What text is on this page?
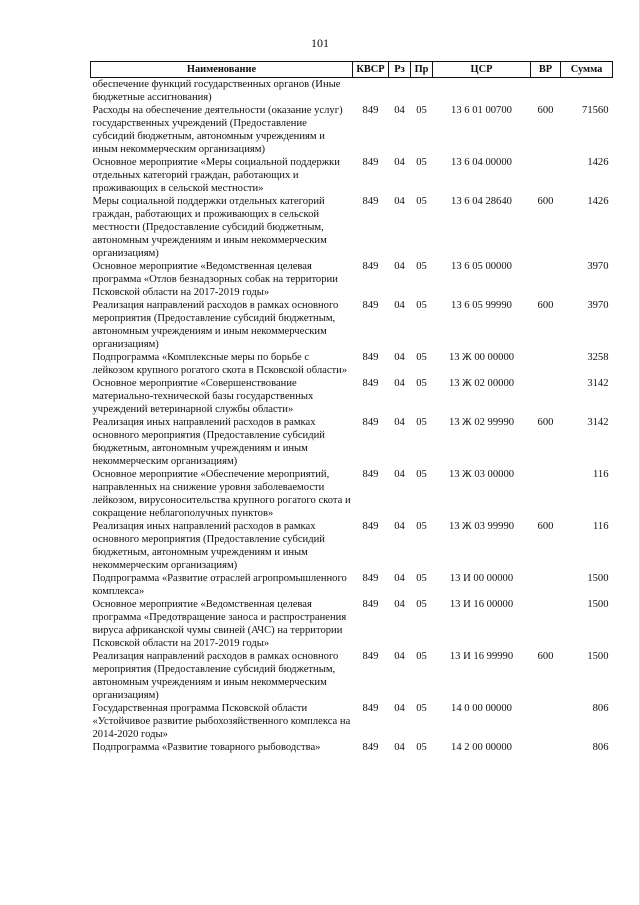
101
Наименование	КВСР	Рз	Пр	ЦСР	ВР	Сумма
обеспечение функций государственных органов (Иные бюджетные ассигнования)						
Расходы на обеспечение деятельности (оказание услуг) государственных учреждений (Предоставление субсидий бюджетным, автономным учреждениям и иным некоммерческим организациям)	849	04	05	13 6 01 00700	600	71560
Основное мероприятие «Меры социальной поддержки отдельных категорий граждан, работающих и проживающих в сельской местности»	849	04	05	13 6 04 00000		1426
Меры социальной поддержки отдельных категорий граждан, работающих и проживающих в сельской местности (Предоставление субсидий бюджетным, автономным учреждениям и иным некоммерческим организациям)	849	04	05	13 6 04 28640	600	1426
Основное мероприятие «Ведомственная целевая программа «Отлов безнадзорных собак на территории Псковской области на 2017-2019 годы»	849	04	05	13 6 05 00000		3970
Реализация направлений расходов в рамках основного мероприятия (Предоставление субсидий бюджетным, автономным учреждениям и иным некоммерческим организациям)	849	04	05	13 6 05 99990	600	3970
Подпрограмма «Комплексные меры по борьбе с лейкозом крупного рогатого скота в Псковской области»	849	04	05	13 Ж 00 00000		3258
Основное мероприятие «Совершенствование материально-технической базы государственных учреждений ветеринарной службы области»	849	04	05	13 Ж 02 00000		3142
Реализация иных направлений расходов в рамках основного мероприятия (Предоставление субсидий бюджетным, автономным учреждениям и иным некоммерческим организациям)	849	04	05	13 Ж 02 99990	600	3142
Основное мероприятие «Обеспечение мероприятий, направленных на снижение уровня заболеваемости лейкозом, вирусоносительства крупного рогатого скота и сокращение неблагополучных пунктов»	849	04	05	13 Ж 03 00000		116
Реализация иных направлений расходов в рамках основного мероприятия (Предоставление субсидий бюджетным, автономным учреждениям и иным некоммерческим организациям)	849	04	05	13 Ж 03 99990	600	116
Подпрограмма «Развитие отраслей агропромышленного комплекса»	849	04	05	13 И 00 00000		1500
Основное мероприятие «Ведомственная целевая программа «Предотвращение заноса и распространения вируса африканской чумы свиней (АЧС) на территории Псковской области на 2017-2019 годы»	849	04	05	13 И 16 00000		1500
Реализация направлений расходов в рамках основного мероприятия (Предоставление субсидий бюджетным, автономным учреждениям и иным некоммерческим организациям)	849	04	05	13 И 16 99990	600	1500
Государственная программа Псковской области «Устойчивое развитие рыбохозяйственного комплекса на 2014-2020 годы»	849	04	05	14 0 00 00000		806
Подпрограмма «Развитие товарного рыбоводства»	849	04	05	14 2 00 00000		806
